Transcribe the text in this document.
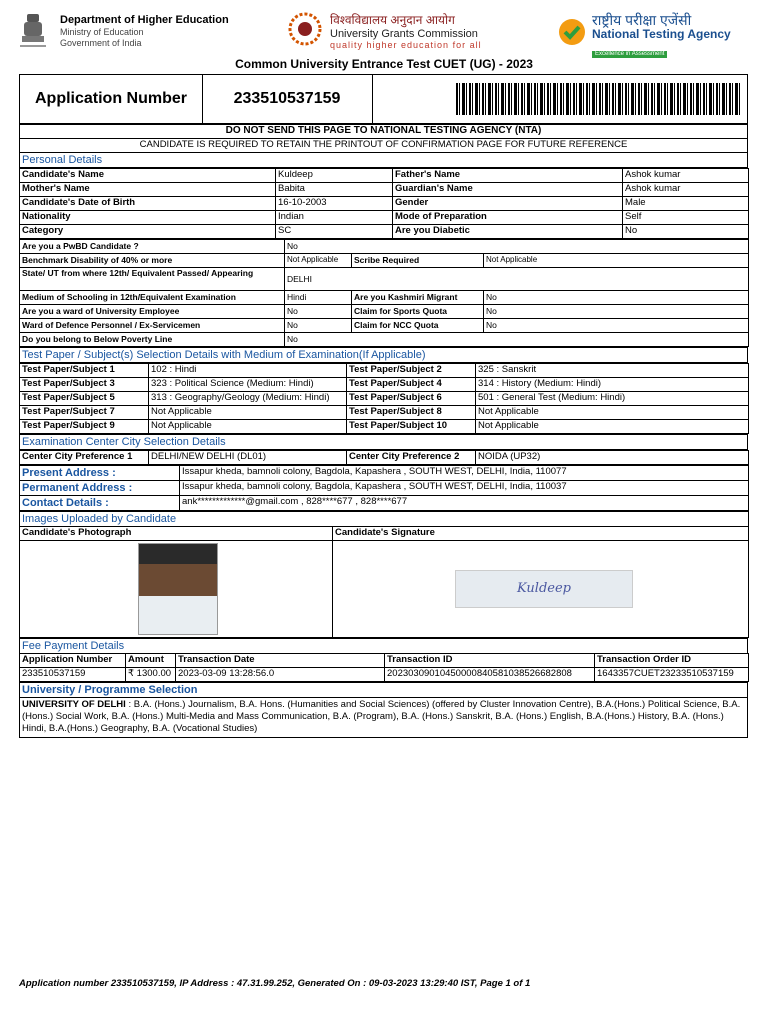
Department of Higher Education
Ministry of Education
Government of India
विश्वविद्यालय अनुदान आयोग
University Grants Commission
quality higher education for all
राष्ट्रीय परीक्षा एजेंसी
National Testing Agency
Excellence in Assessment
Common University Entrance Test CUET (UG) - 2023
Application Number	233510537159
DO NOT SEND THIS PAGE TO NATIONAL TESTING AGENCY (NTA)
CANDIDATE IS REQUIRED TO RETAIN THE PRINTOUT OF CONFIRMATION PAGE FOR FUTURE REFERENCE
Personal Details
Candidate's Name	Kuldeep	Father's Name	Ashok kumar
Mother's Name	Babita	Guardian's Name	Ashok kumar
Candidate's Date of Birth	16-10-2003	Gender	Male
Nationality	Indian	Mode of Preparation	Self
Category	SC	Are you Diabetic	No
Are you a PwBD Candidate ?	No		
Benchmark Disability of 40% or more	Not Applicable	Scribe Required	Not Applicable
State/ UT from where 12th/ Equivalent Passed/ Appearing	DELHI		
Medium of Schooling in 12th/Equivalent Examination	Hindi	Are you Kashmiri Migrant	No
Are you a ward of University Employee	No	Claim for Sports Quota	No
Ward of Defence Personnel / Ex-Servicemen	No	Claim for NCC Quota	No
Do you belong to Below Poverty Line	No		
Test Paper / Subject(s) Selection Details with Medium of Examination(If Applicable)
Test Paper/Subject 1	102 : Hindi	Test Paper/Subject 2	325 : Sanskrit
Test Paper/Subject 3	323 : Political Science (Medium: Hindi)	Test Paper/Subject 4	314 : History (Medium: Hindi)
Test Paper/Subject 5	313 : Geography/Geology (Medium: Hindi)	Test Paper/Subject 6	501 : General Test (Medium: Hindi)
Test Paper/Subject 7	Not Applicable	Test Paper/Subject 8	Not Applicable
Test Paper/Subject 9	Not Applicable	Test Paper/Subject 10	Not Applicable
Examination Center City Selection Details
Center City Preference 1	DELHI/NEW DELHI (DL01)	Center City Preference 2	NOIDA (UP32)
Present Address :	Issapur kheda, bamnoli colony, Bagdola, Kapashera , SOUTH WEST, DELHI, India, 110077
Permanent Address :	Issapur kheda, bamnoli colony, Bagdola, Kapashera , SOUTH WEST, DELHI, India, 110037
Contact Details :	ank*************@gmail.com , 828****677 , 828****677
Images Uploaded by Candidate	
Candidate's Photograph	Candidate's Signature

Kuldeep
Fee Payment Details
Application Number	Amount	Transaction Date	Transaction ID	Transaction Order ID
233510537159	₹ 1300.00	2023-03-09 13:28:56.0	20230309010450000840581038526682808	1643357CUET23233510537159
University / Programme Selection
UNIVERSITY OF DELHI : B.A. (Hons.) Journalism, B.A. Hons. (Humanities and Social Sciences) (offered by Cluster Innovation Centre), B.A.(Hons.) Political Science, B.A.(Hons.) Social Work, B.A. (Hons.) Multi-Media and Mass Communication, B.A. (Program), B.A. (Hons.) Sanskrit, B.A. (Hons.) English, B.A.(Hons.) History, B.A. (Hons.) Hindi, B.A.(Hons.) Geography, B.A. (Vocational Studies)
Application number 233510537159, IP Address : 47.31.99.252, Generated On : 09-03-2023 13:29:40 IST, Page 1 of 1
